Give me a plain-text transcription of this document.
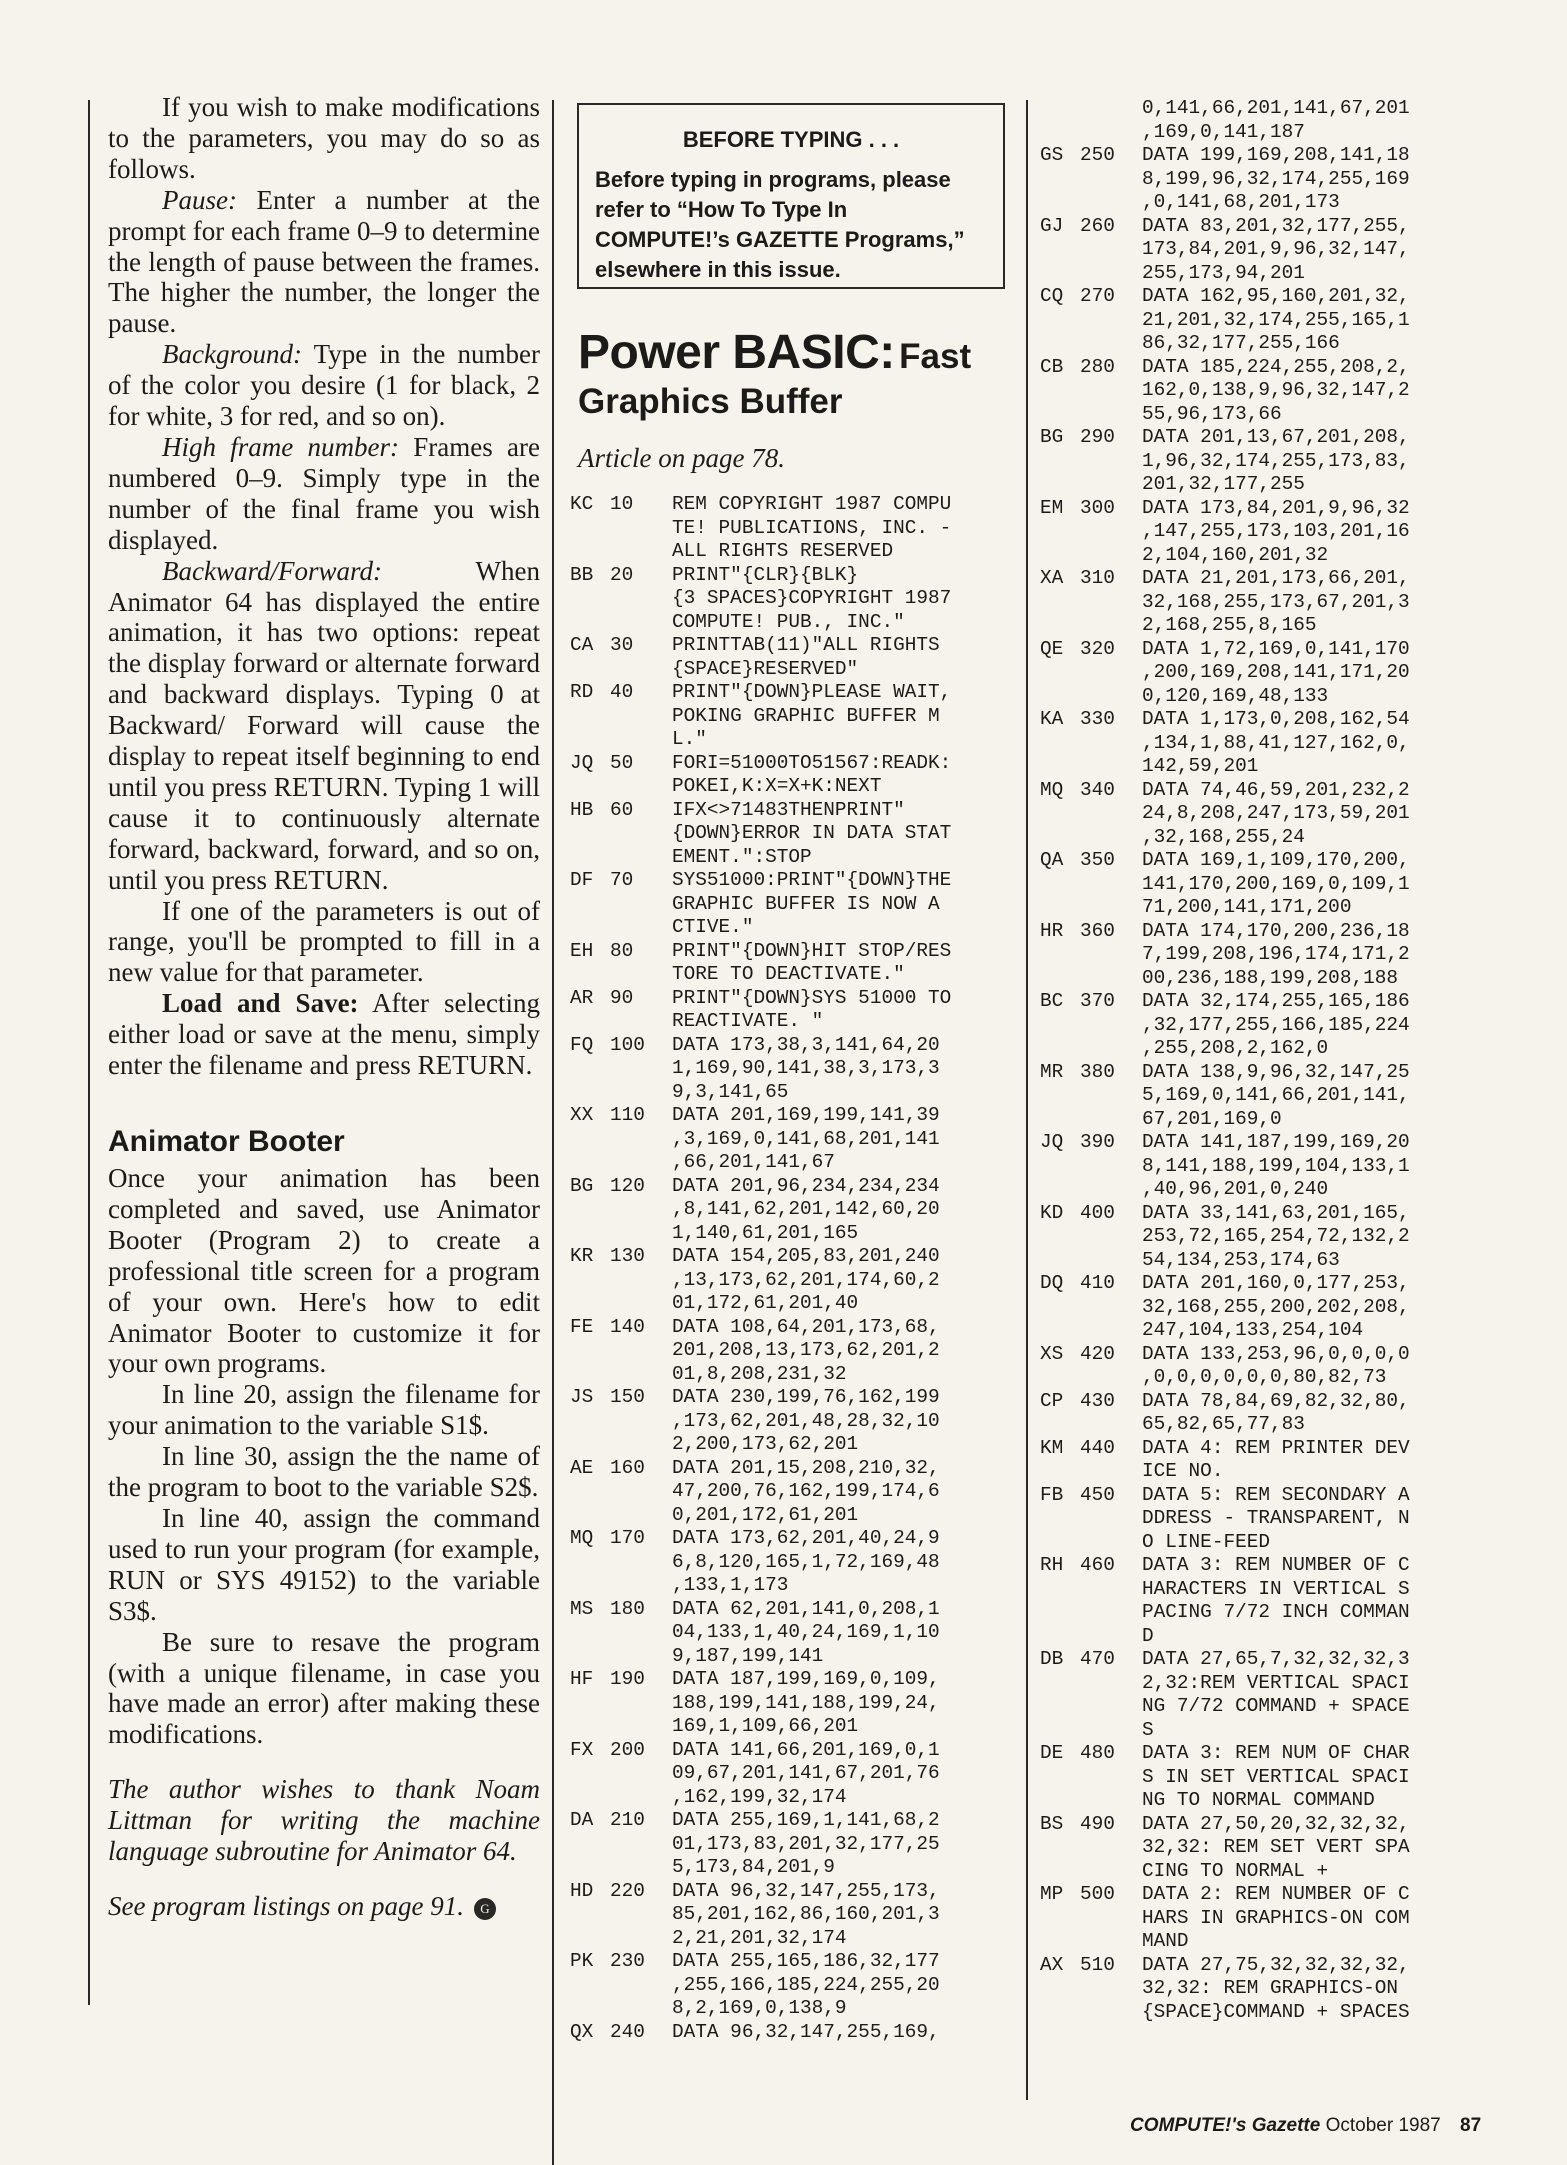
If you wish to make modifications to the parameters, you may do so as follows.

Pause: Enter a number at the prompt for each frame 0–9 to determine the length of pause between the frames. The higher the number, the longer the pause.

Background: Type in the number of the color you desire (1 for black, 2 for white, 3 for red, and so on).

High frame number: Frames are numbered 0–9. Simply type in the number of the final frame you wish displayed.

Backward/Forward:	When Animator 64 has displayed the entire animation, it has two options: repeat the display forward or alternate forward and backward displays. Typing 0 at Backward/ Forward will cause the display to repeat itself beginning to end until you press RETURN. Typing 1 will cause it to continuously alternate forward, backward, forward, and so on, until you press RETURN.

If one of the parameters is out of range, you'll be prompted to fill in a new value for that parameter.

Load and Save: After selecting either load or save at the menu, simply enter the filename and press RETURN.

Animator Booter

Once your animation has been completed and saved, use Animator Booter (Program 2) to create a professional title screen for a program of your own. Here's how to edit Animator Booter to customize it for your own programs.

In line 20, assign the filename for your animation to the variable S1$.

In line 30, assign the the name of the program to boot to the variable S2$.

In line 40, assign the command used to run your program (for example, RUN or SYS 49152) to the variable S3$.

Be sure to resave the program (with a unique filename, in case you have made an error) after making these modifications.

The author wishes to thank Noam Littman for writing the machine language subroutine for Animator 64.

See program listings on page 91. G

BEFORE TYPING . . .
Before typing in programs, please refer to “How To Type In COMPUTE!’s GAZETTE Programs,” elsewhere in this issue.
Power BASIC: Fast
Graphics Buffer
Article on page 78.
KC 10	REM COPYRIGHT 1987 COMPU
TE! PUBLICATIONS, INC. -
ALL RIGHTS RESERVED
BB 20	PRINT"{CLR}{BLK}
{3 SPACES}COPYRIGHT 1987
COMPUTE! PUB., INC."
CA 30	PRINTTAB(11)"ALL RIGHTS
{SPACE}RESERVED"
RD 40	PRINT"{DOWN}PLEASE WAIT,
POKING GRAPHIC BUFFER M
L."
JQ 50	FORI=51000TO51567:READK:
POKEI,K:X=X+K:NEXT
HB 60	IFX<>71483THENPRINT"
{DOWN}ERROR IN DATA STAT
EMENT.":STOP
DF 70	SYS51000:PRINT"{DOWN}THE
GRAPHIC BUFFER IS NOW A
CTIVE."
EH 80	PRINT"{DOWN}HIT STOP/RES
TORE TO DEACTIVATE."
AR 90	PRINT"{DOWN}SYS 51000 TO
REACTIVATE. "
FQ 100	DATA 173,38,3,141,64,20
1,169,90,141,38,3,173,3
9,3,141,65
XX 110	DATA 201,169,199,141,39
,3,169,0,141,68,201,141
,66,201,141,67
BG 120	DATA 201,96,234,234,234
,8,141,62,201,142,60,20
1,140,61,201,165
KR 130	DATA 154,205,83,201,240
,13,173,62,201,174,60,2
01,172,61,201,40
FE 140	DATA 108,64,201,173,68,
201,208,13,173,62,201,2
01,8,208,231,32
JS 150	DATA 230,199,76,162,199
,173,62,201,48,28,32,10
2,200,173,62,201
AE 160	DATA 201,15,208,210,32,
47,200,76,162,199,174,6
0,201,172,61,201
MQ 170	DATA 173,62,201,40,24,9
6,8,120,165,1,72,169,48
,133,1,173
MS 180	DATA 62,201,141,0,208,1
04,133,1,40,24,169,1,10
9,187,199,141
HF 190	DATA 187,199,169,0,109,
188,199,141,188,199,24,
169,1,109,66,201
FX 200	DATA 141,66,201,169,0,1
09,67,201,141,67,201,76
,162,199,32,174
DA 210	DATA 255,169,1,141,68,2
01,173,83,201,32,177,25
5,173,84,201,9
HD 220	DATA 96,32,147,255,173,
85,201,162,86,160,201,3
2,21,201,32,174
PK 230	DATA 255,165,186,32,177
,255,166,185,224,255,20
8,2,169,0,138,9
QX 240	DATA 96,32,147,255,169,
0,141,66,201,141,67,201
,169,0,141,187
GS 250	DATA 199,169,208,141,18
8,199,96,32,174,255,169
,0,141,68,201,173
GJ 260	DATA 83,201,32,177,255,
173,84,201,9,96,32,147,
255,173,94,201
CQ 270	DATA 162,95,160,201,32,
21,201,32,174,255,165,1
86,32,177,255,166
CB 280	DATA 185,224,255,208,2,
162,0,138,9,96,32,147,2
55,96,173,66
BG 290	DATA 201,13,67,201,208,
1,96,32,174,255,173,83,
201,32,177,255
EM 300	DATA 173,84,201,9,96,32
,147,255,173,103,201,16
2,104,160,201,32
XA 310	DATA 21,201,173,66,201,
32,168,255,173,67,201,3
2,168,255,8,165
QE 320	DATA 1,72,169,0,141,170
,200,169,208,141,171,20
0,120,169,48,133
KA 330	DATA 1,173,0,208,162,54
,134,1,88,41,127,162,0,
142,59,201
MQ 340	DATA 74,46,59,201,232,2
24,8,208,247,173,59,201
,32,168,255,24
QA 350	DATA 169,1,109,170,200,
141,170,200,169,0,109,1
71,200,141,171,200
HR 360	DATA 174,170,200,236,18
7,199,208,196,174,171,2
00,236,188,199,208,188
BC 370	DATA 32,174,255,165,186
,32,177,255,166,185,224
,255,208,2,162,0
MR 380	DATA 138,9,96,32,147,25
5,169,0,141,66,201,141,
67,201,169,0
JQ 390	DATA 141,187,199,169,20
8,141,188,199,104,133,1
,40,96,201,0,240
KD 400	DATA 33,141,63,201,165,
253,72,165,254,72,132,2
54,134,253,174,63
DQ 410	DATA 201,160,0,177,253,
32,168,255,200,202,208,
247,104,133,254,104
XS 420	DATA 133,253,96,0,0,0,0
,0,0,0,0,0,0,80,82,73
CP 430	DATA 78,84,69,82,32,80,
65,82,65,77,83
KM 440	DATA 4: REM PRINTER DEV
ICE NO.
FB 450	DATA 5: REM SECONDARY A
DDRESS - TRANSPARENT, N
O LINE-FEED
RH 460	DATA 3: REM NUMBER OF C
HARACTERS IN VERTICAL S
PACING 7/72 INCH COMMAN
D
DB 470	DATA 27,65,7,32,32,32,3
2,32:REM VERTICAL SPACI
NG 7/72 COMMAND + SPACE
S
DE 480	DATA 3: REM NUM OF CHAR
S IN SET VERTICAL SPACI
NG TO NORMAL COMMAND
BS 490	DATA 27,50,20,32,32,32,
32,32: REM SET VERT SPA
CING TO NORMAL +
MP 500	DATA 2: REM NUMBER OF C
HARS IN GRAPHICS-ON COM
MAND
AX 510	DATA 27,75,32,32,32,32,
32,32: REM GRAPHICS-ON
{SPACE}COMMAND + SPACES
COMPUTE!'s Gazette October 1987 87
